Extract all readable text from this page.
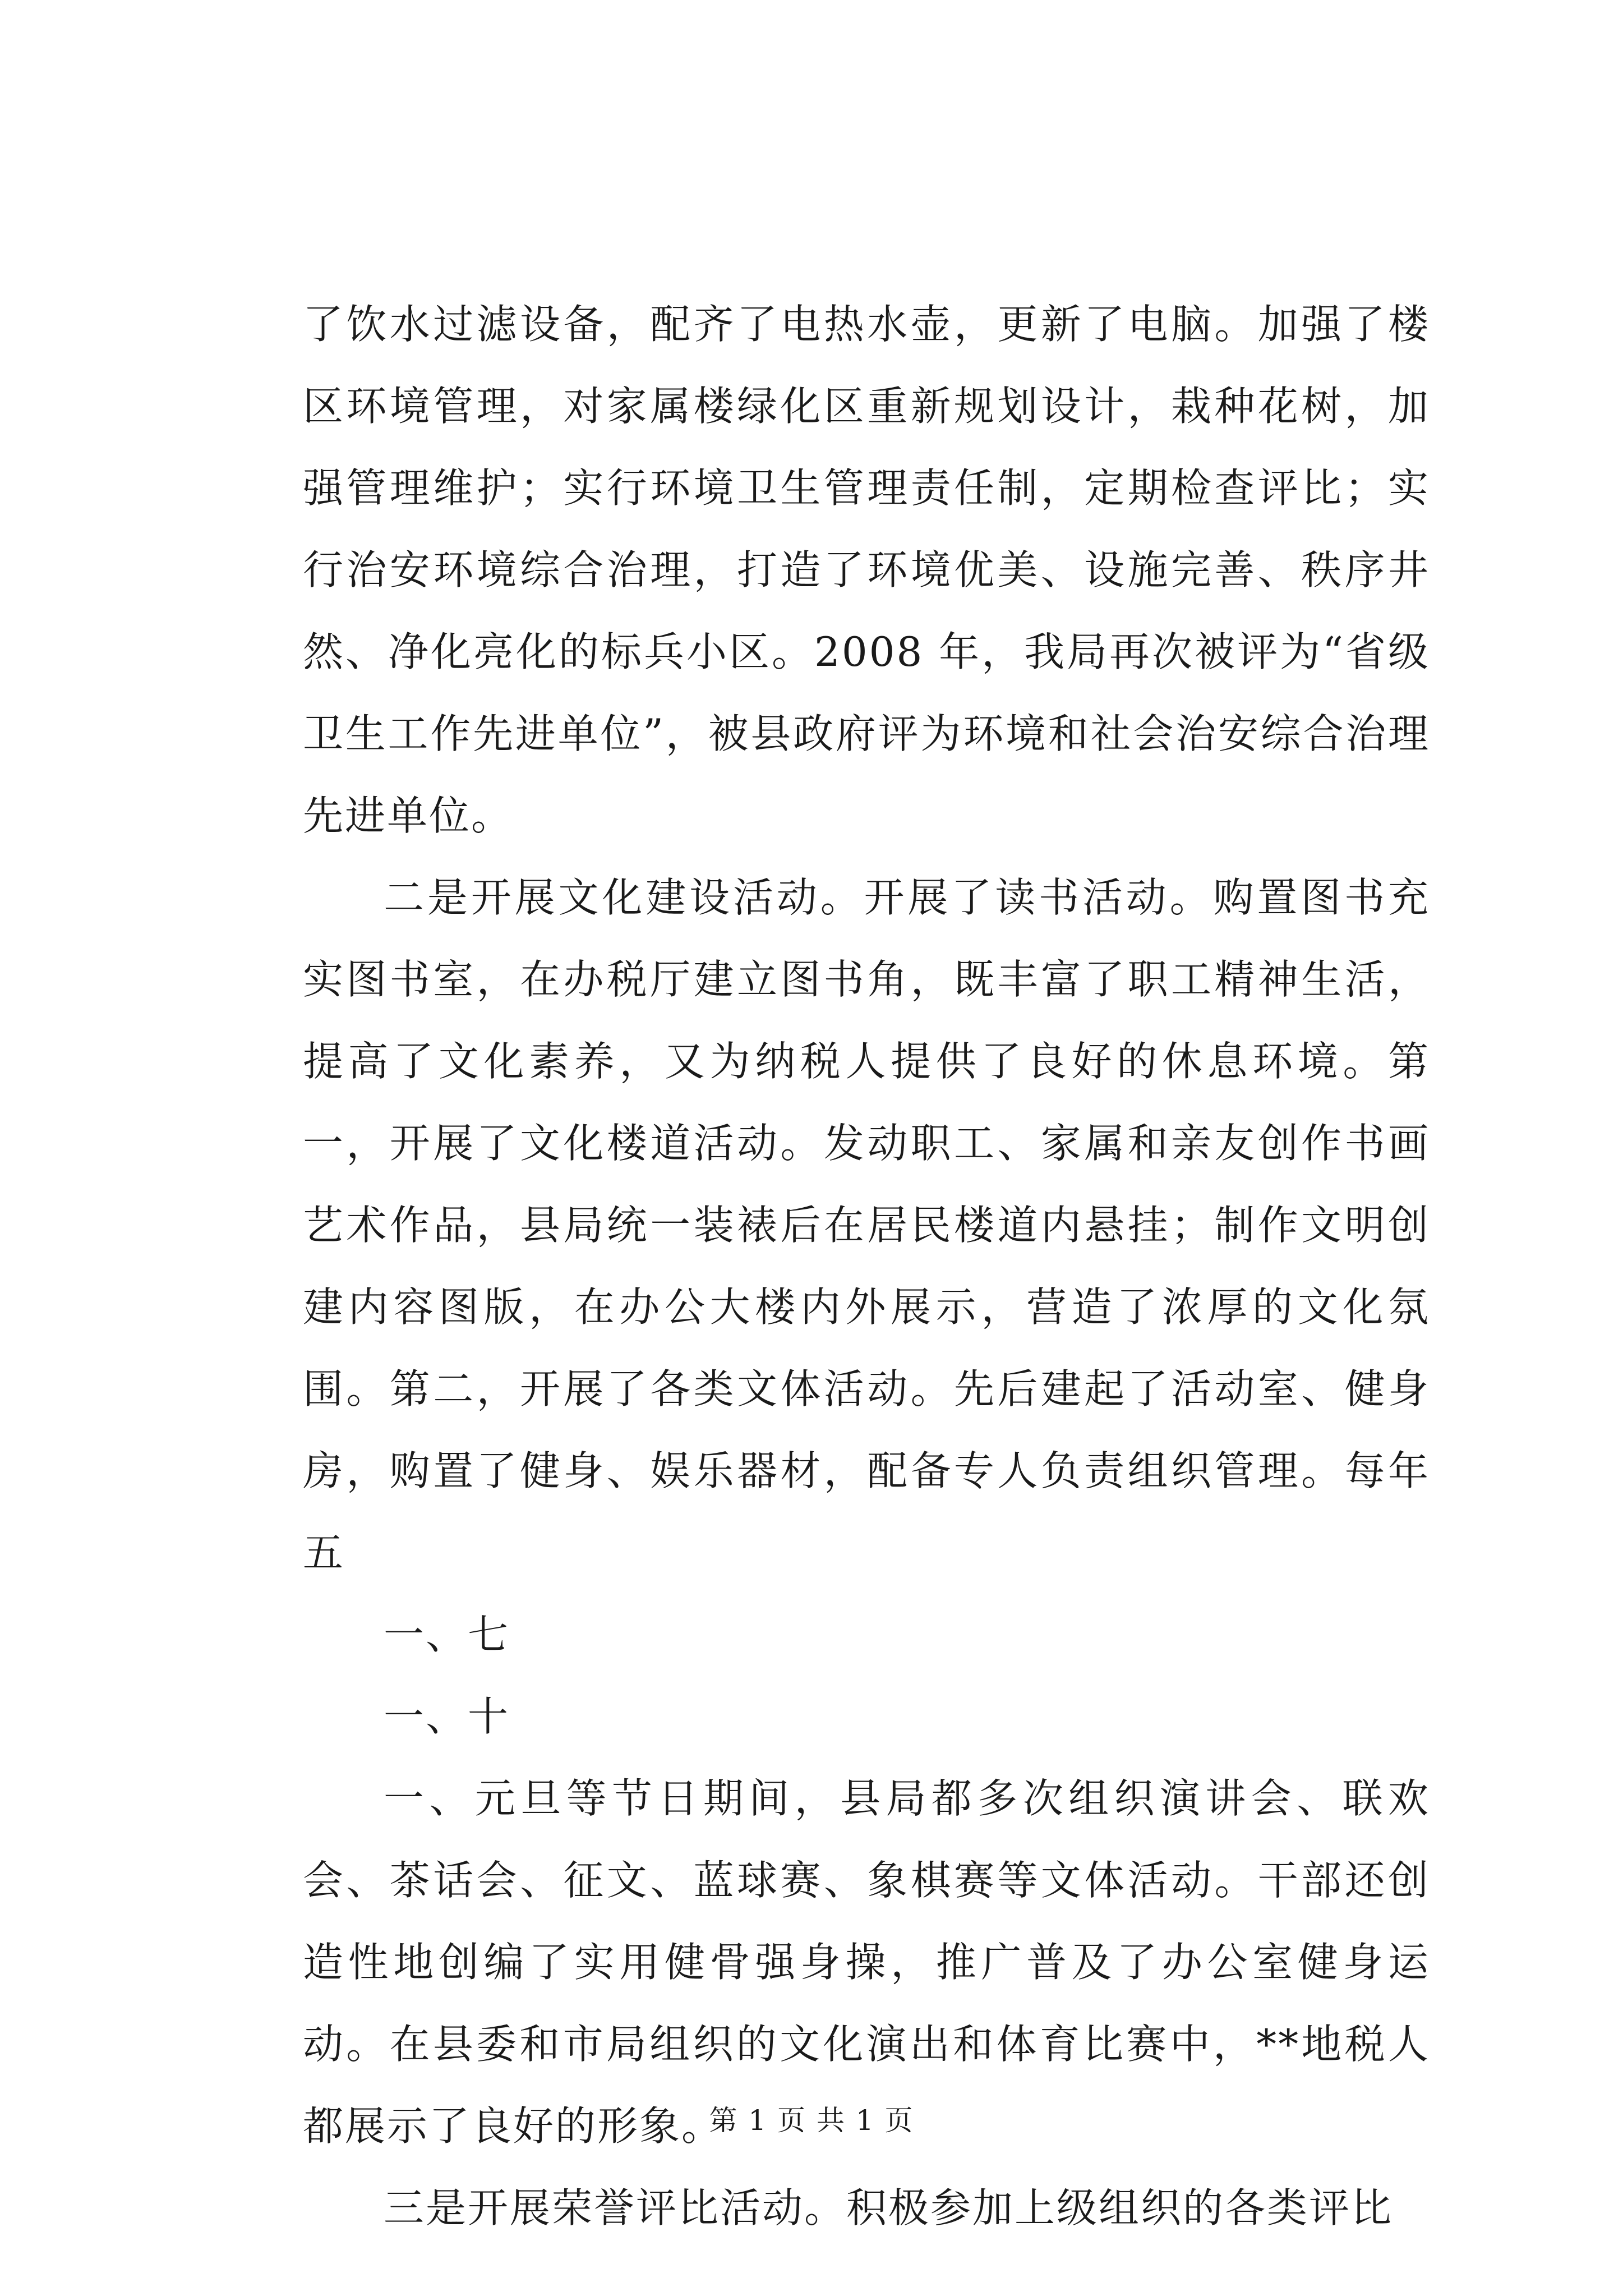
了饮水过滤设备，配齐了电热水壶，更新了电脑。加强了楼区环境管理，对家属楼绿化区重新规划设计，栽种花树，加强管理维护；实行环境卫生管理责任制，定期检查评比；实行治安环境综合治理，打造了环境优美、设施完善、秩序井然、净化亮化的标兵小区。2008 年，我局再次被评为“省级卫生工作先进单位”，被县政府评为环境和社会治安综合治理先进单位。

二是开展文化建设活动。开展了读书活动。购置图书充实图书室，在办税厅建立图书角，既丰富了职工精神生活，提高了文化素养，又为纳税人提供了良好的休息环境。第一，开展了文化楼道活动。发动职工、家属和亲友创作书画艺术作品，县局统一装裱后在居民楼道内悬挂；制作文明创建内容图版，在办公大楼内外展示，营造了浓厚的文化氛围。第二，开展了各类文体活动。先后建起了活动室、健身房，购置了健身、娱乐器材，配备专人负责组织管理。每年五

一、七

一、十

一、元旦等节日期间，县局都多次组织演讲会、联欢会、茶话会、征文、蓝球赛、象棋赛等文体活动。干部还创造性地创编了实用健骨强身操，推广普及了办公室健身运动。在县委和市局组织的文化演出和体育比赛中，**地税人都展示了良好的形象。

三是开展荣誉评比活动。积极参加上级组织的各类评比

第 1 页 共 1 页
